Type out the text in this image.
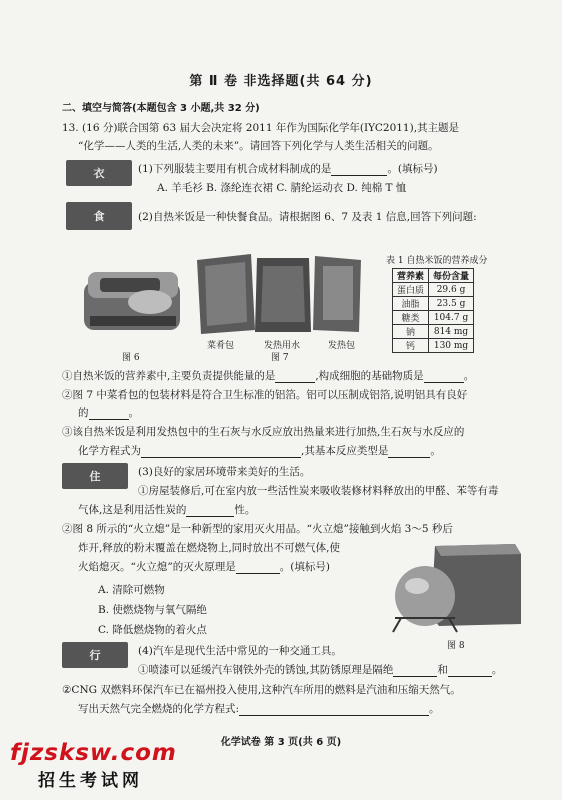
第 Ⅱ 卷 非选择题(共 64 分)
二、填空与简答(本题包含 3 小题,共 32 分)
13. (16 分)联合国第 63 届大会决定将 2011 年作为国际化学年(IYC2011),其主题是
“化学——人类的生活,人类的未来”。请回答下列化学与人类生活相关的问题。
衣	(1)下列服装主要用有机合成材料制成的是	。(填标号)
A. 羊毛衫 B. 涤纶连衣裙 C. 腈纶运动衣 D. 纯棉 T 恤
食	(2)自热米饭是一种快餐食品。请根据图 6、7 及表 1 信息,回答下列问题:
图 6
菜肴包	发热用水	发热包
图 7
表 1 自热米饭的营养成分
营养素	每份含量
蛋白质	29.6 g
油脂	23.5 g
糖类	104.7 g
钠	814 mg
钙	130 mg
①自热米饭的营养素中,主要负责提供能量的是	,构成细胞的基础物质是	。
②图 7 中菜肴包的包装材料是符合卫生标准的铝箔。铝可以压制成铝箔,说明铝具有良好
的	。
③该自热米饭是利用发热包中的生石灰与水反应放出热量来进行加热,生石灰与水反应的
化学方程式为	,其基本反应类型是	。
住	(3)良好的家居环境带来美好的生活。
①房屋装修后,可在室内放一些活性炭来吸收装修材料释放出的甲醛、苯等有毒
气体,这是利用活性炭的	性。
②图 8 所示的“火立熄”是一种新型的家用灭火用品。“火立熄”接触到火焰 3～5 秒后
炸开,释放的粉末覆盖在燃烧物上,同时放出不可燃气体,使
火焰熄灭。“火立熄”的灭火原理是	。(填标号)
A. 清除可燃物
B. 使燃烧物与氧气隔绝
C. 降低燃烧物的着火点
图 8
行	(4)汽车是现代生活中常见的一种交通工具。
①喷漆可以延缓汽车钢铁外壳的锈蚀,其防锈原理是隔绝	和	。
②CNG 双燃料环保汽车已在福州投入使用,这种汽车所用的燃料是汽油和压缩天然气。
写出天然气完全燃烧的化学方程式:	。
化学试卷 第 3 页(共 6 页)
fjzsksw.com
招生考试网
